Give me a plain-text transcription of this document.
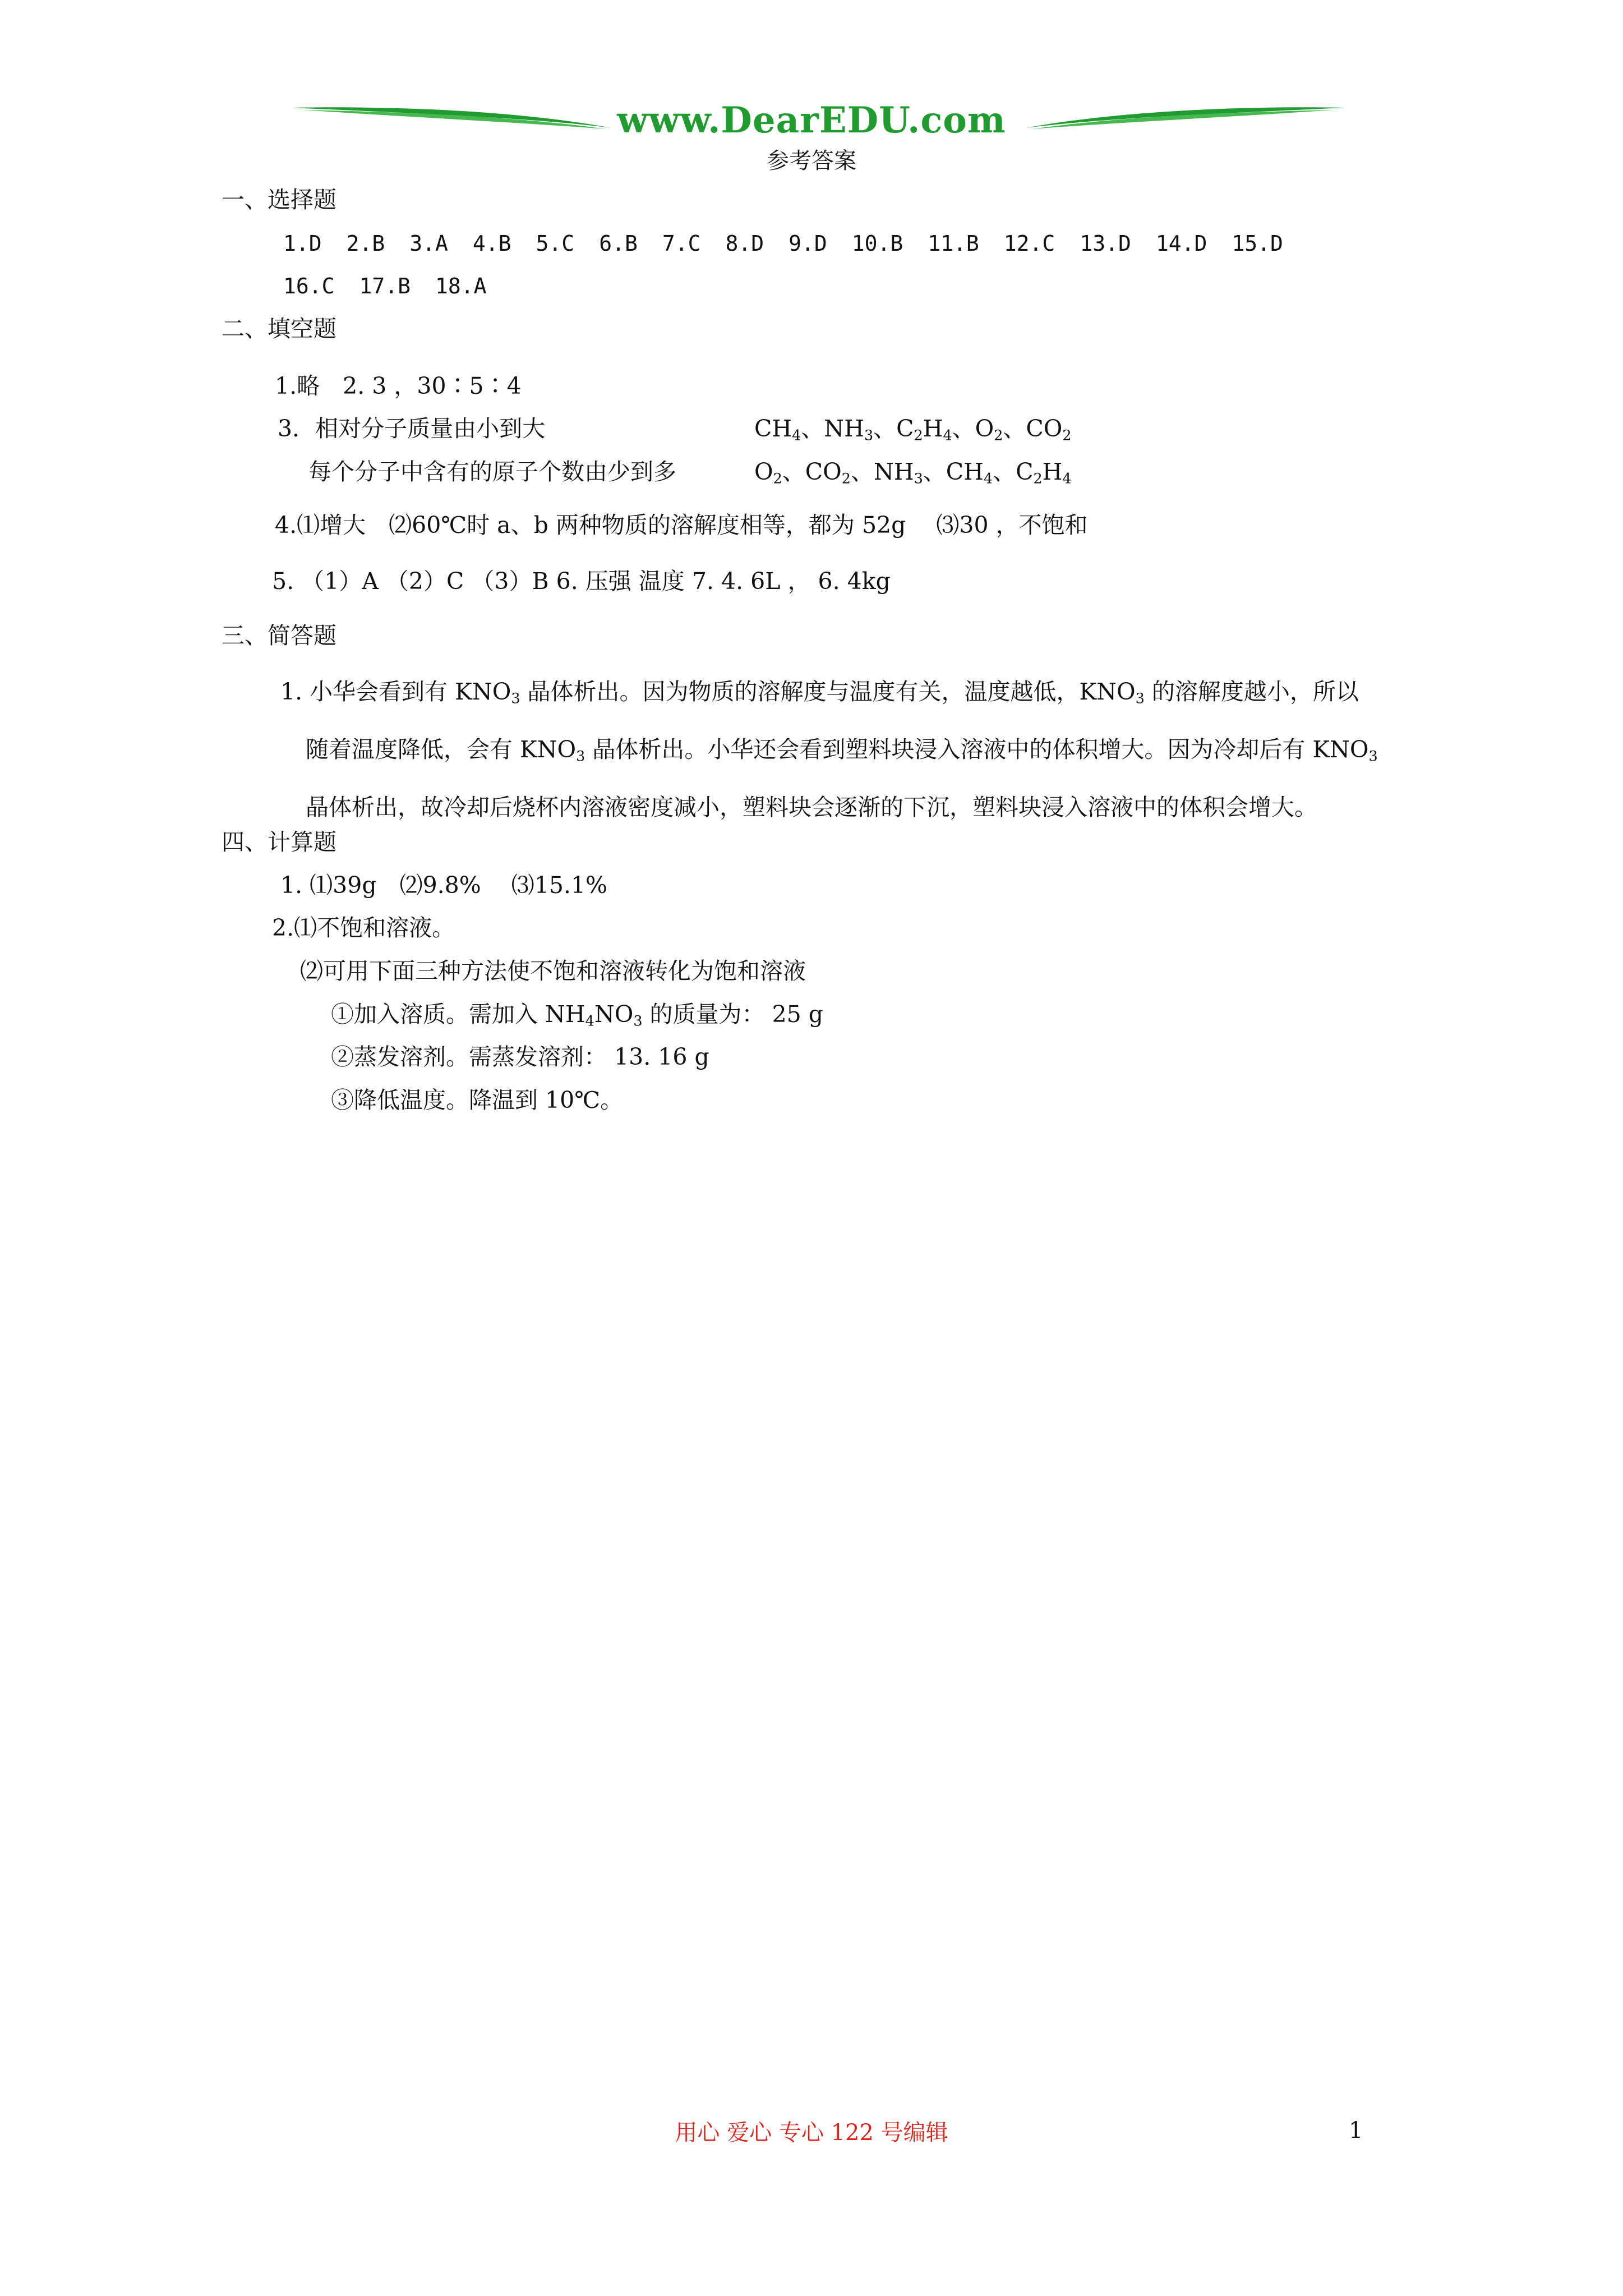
www.DearEDU.com
参考答案
一、选择题
1.D 2.B 3.A 4.B 5.C 6.B 7.C 8.D 9.D 10.B 11.B 12.C 13.D 14.D 15.D
16.C 17.B 18.A
二、填空题
1.略　2. 3 ，30∶5∶4
3．相对分子质量由小到大	$CH_4$、$NH_3$、$C_2H_4$、$O_2$、$CO_2$
每个分子中含有的原子个数由少到多	$O_2$、$CO_2$、$NH_3$、$CH_4$、$C_2H_4$
4.⑴增大　⑵60℃时 a、b 两种物质的溶解度相等，都为 52g　 ⑶30 ，不饱和
5. （1）A （2）C （3）B 6. 压强 温度 7. 4. 6L ， 6. 4kg
三、简答题
1. 小华会看到有 $KNO_3$ 晶体析出。因为物质的溶解度与温度有关，温度越低，$KNO_3$ 的溶解度越小，所以
随着温度降低，会有 $KNO_3$ 晶体析出。小华还会看到塑料块浸入溶液中的体积增大。因为冷却后有 $KNO_3$
晶体析出，故冷却后烧杯内溶液密度减小，塑料块会逐渐的下沉，塑料块浸入溶液中的体积会增大。
四、计算题
1. ⑴39g　⑵9.8%　 ⑶15.1%
2.⑴不饱和溶液。
⑵可用下面三种方法使不饱和溶液转化为饱和溶液
①加入溶质。需加入 $NH_4NO_3$ 的质量为： 25 g
②蒸发溶剂。需蒸发溶剂： 13. 16 g
③降低温度。降温到 10℃。
用心 爱心 专心 122 号编辑	1
